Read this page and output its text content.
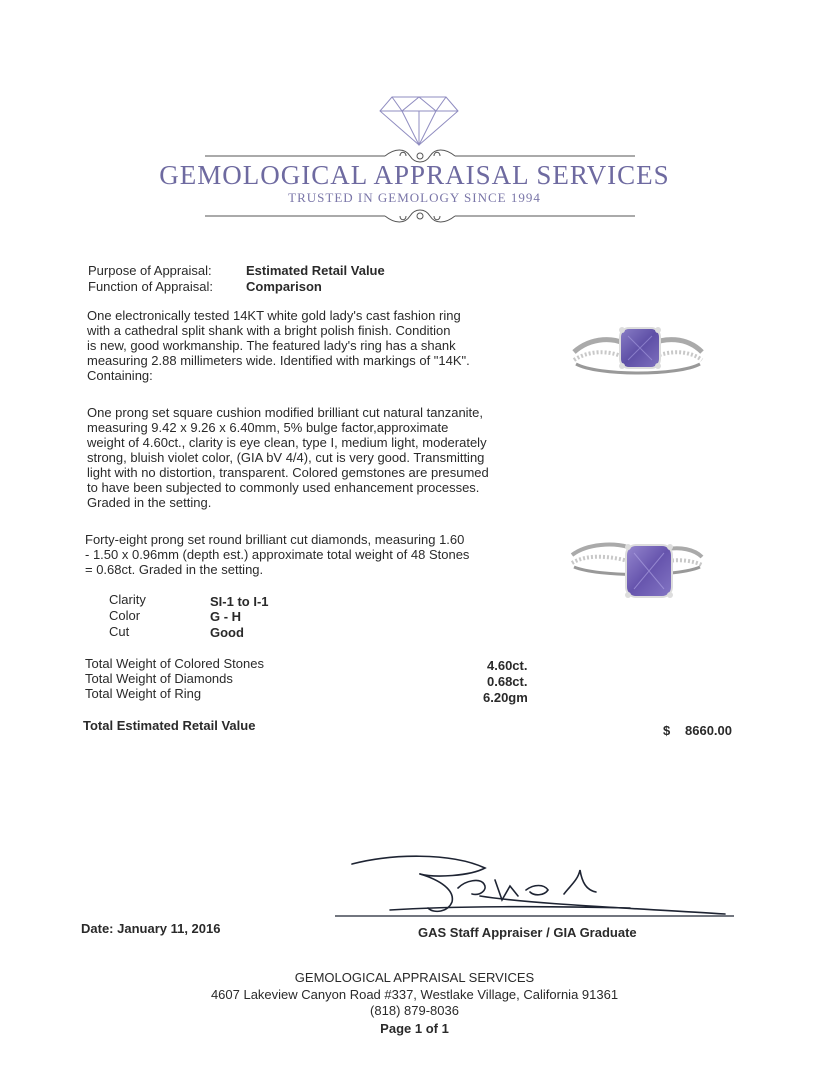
GEMOLOGICAL APPRAISAL SERVICES
TRUSTED IN GEMOLOGY SINCE 1994
Purpose of Appraisal:	Estimated Retail Value
Function of Appraisal:	Comparison
One electronically tested 14KT white gold lady's cast fashion ring
with a cathedral split shank with a bright polish finish. Condition
is new, good workmanship. The featured lady's ring has a shank
measuring 2.88 millimeters wide. Identified with markings of "14K".
Containing:
One prong set square cushion modified brilliant cut natural tanzanite,
measuring 9.42 x 9.26 x 6.40mm, 5% bulge factor,approximate
weight of 4.60ct., clarity is eye clean, type I, medium light, moderately
strong, bluish violet color, (GIA bV 4/4), cut is very good. Transmitting
light with no distortion, transparent. Colored gemstones are presumed
to have been subjected to commonly used enhancement processes.
Graded in the setting.
Forty-eight prong set round brilliant cut diamonds, measuring 1.60
- 1.50 x 0.96mm (depth est.) approximate total weight of 48 Stones
= 0.68ct. Graded in the setting.
Clarity	SI-1 to I-1
Color	G - H
Cut	Good
Total Weight of Colored Stones	4.60ct.
Total Weight of Diamonds	0.68ct.
Total Weight of Ring	6.20gm
Total Estimated Retail Value	$ 8660.00
Date: January 11, 2016	GAS Staff Appraiser / GIA Graduate
GEMOLOGICAL APPRAISAL SERVICES
4607 Lakeview Canyon Road #337, Westlake Village, California 91361
(818) 879-8036
Page 1 of 1
